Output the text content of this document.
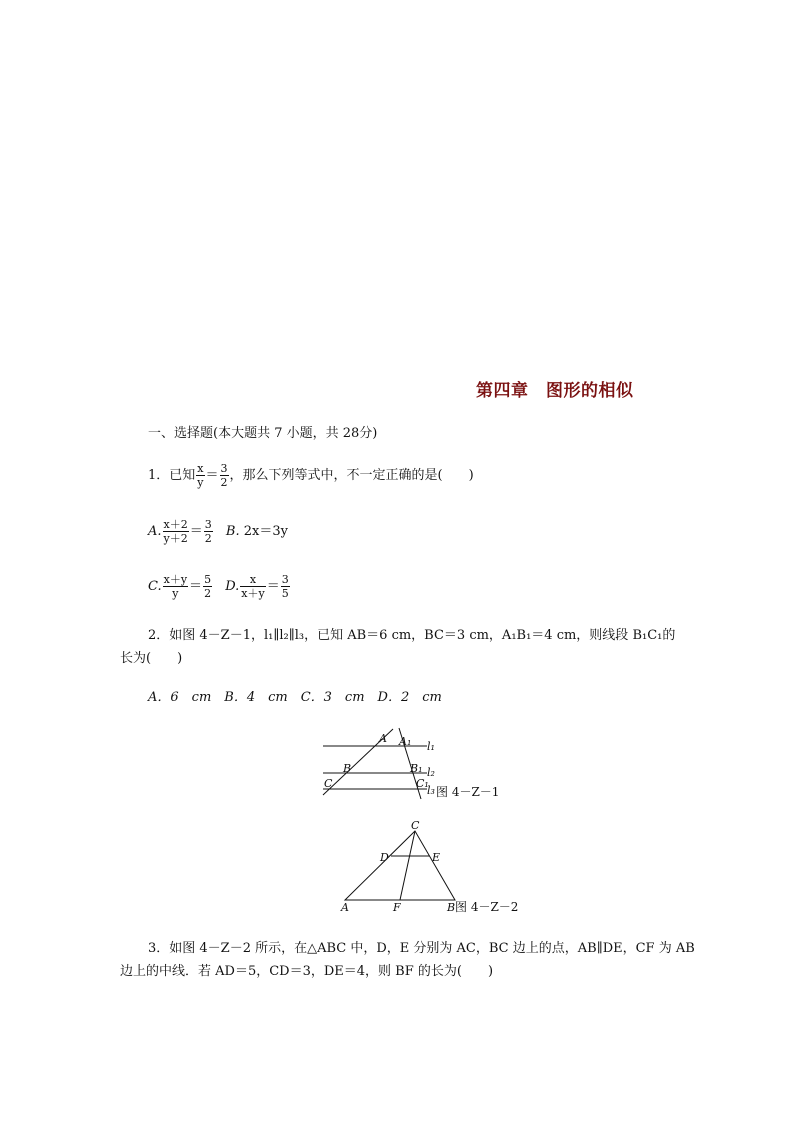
第四章　图形的相似
一、选择题(本大题共 7 小题，共 28分)
1．已知 $\frac{x}{y} = \frac{3}{2}$ ，那么下列等式中，不一定正确的是(　　)
A. $\frac{x+2}{y+2} = \frac{3}{2} B$. 2x＝3y
C. $\frac{x+y}{y} = \frac{5}{2} D$. $\frac{x}{x+y} = \frac{3}{5}$
2．如图 4－Z－1，l₁∥l₂∥l₃，已知 AB＝6 cm，BC＝3 cm，A₁B₁＝4 cm，则线段 B₁C₁的
长为(　　)
A．6　cm　B．4　cm　C．3　cm　D．2　cm
A A₁ l₁
B	B₁ l₂
C	C₁
l₃ 图 4－Z－1
C
D	E
A	F	B 图 4－Z－2
3．如图 4－Z－2 所示，在△ABC 中，D，E 分别为 AC，BC 边上的点，AB∥DE，CF 为 AB
边上的中线．若 AD＝5，CD＝3，DE＝4，则 BF 的长为(　　)
